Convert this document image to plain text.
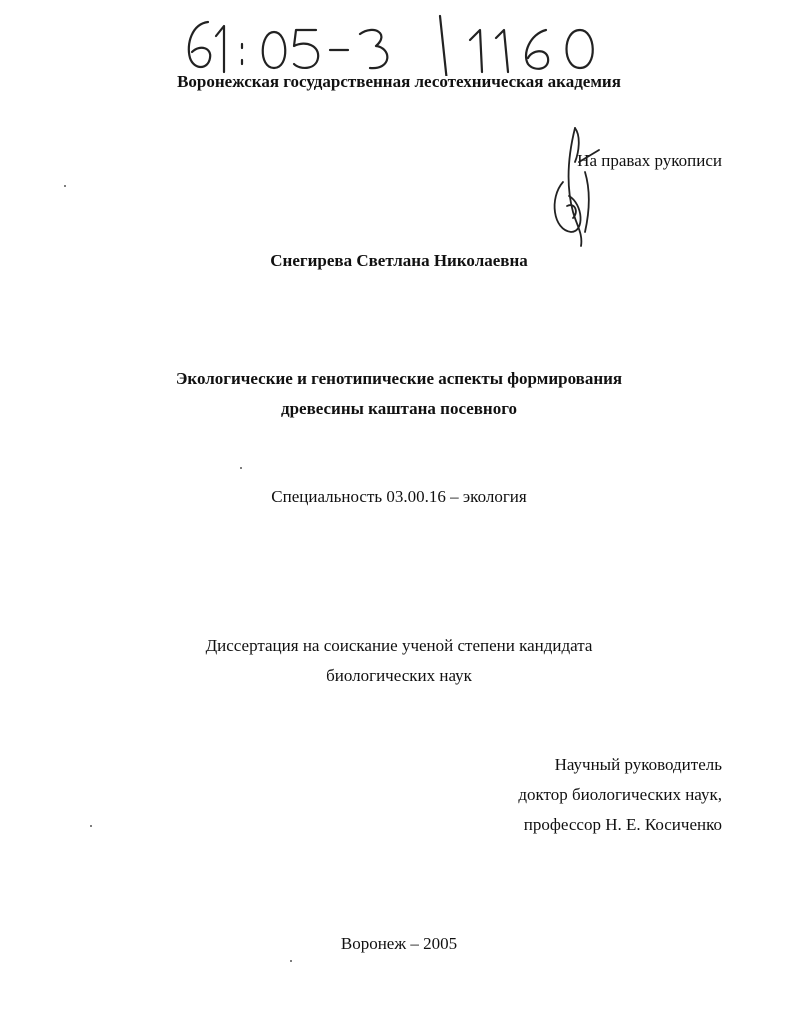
Воронежская государственная лесотехническая академия
На правах рукописи
Снегирева Светлана Николаевна
Экологические и генотипические аспекты формирования
древесины каштана посевного
Специальность 03.00.16 – экология
Диссертация на соискание ученой степени кандидата
биологических наук
Научный руководитель
доктор биологических наук,
профессор Н. Е. Косиченко
Воронеж – 2005
